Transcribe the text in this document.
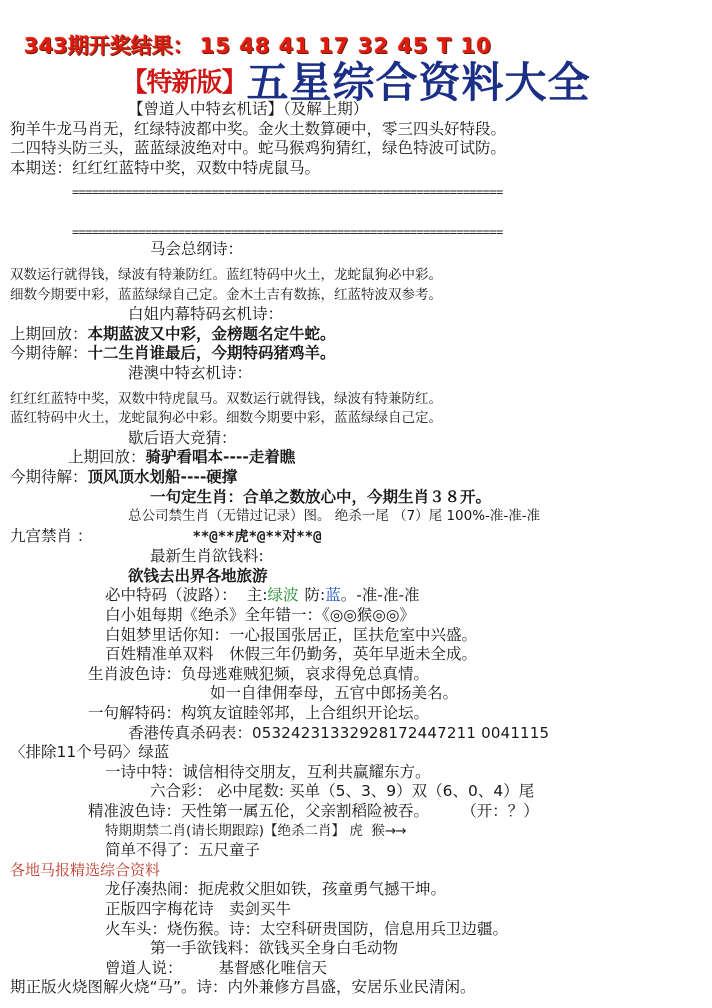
343期开奖结果： 15 48 41 17 32 45 T 10
【特新版】五星综合资料大全
【曾道人中特玄机话】（及解上期）
狗羊牛龙马肖无，红绿特波都中奖。金火土数算硬中，零三四头好特段。
二四特头防三头，蓝蓝绿波绝对中。蛇马猴鸡狗猜红，绿色特波可试防。
本期送：红红红蓝特中奖，双数中特虎鼠马。
=================================================================
=================================================================
马会总纲诗：
双数运行就得钱，绿波有特兼防红。蓝红特码中火土，龙蛇鼠狗必中彩。
细数今期要中彩，蓝蓝绿绿自己定。金木土吉有数拣，红蓝特波双参考。
白姐内幕特码玄机诗：
上期回放：本期蓝波又中彩，金榜题名定牛蛇。
今期待解：十二生肖谁最后，今期特码猪鸡羊。
港澳中特玄机诗：
红红红蓝特中奖，双数中特虎鼠马。双数运行就得钱，绿波有特兼防红。
蓝红特码中火土，龙蛇鼠狗必中彩。细数今期要中彩，蓝蓝绿绿自己定。
歇后语大竞猜：
上期回放：骑驴看唱本----走着瞧
今期待解：顶风顶水划船----硬撑
一句定生肖：合单之数放心中，今期生肖３８开。
总公司禁生肖（无错过记录）图。 绝杀一尾 （7）尾 100%-准-准-准
九宫禁肖 ：	**@**虎*@**对**@
最新生肖欲钱料:
欲钱去出界各地旅游
必中特码（波路）： 主:绿波 防:蓝。-准-准-准
白小姐每期《绝杀》全年错一：《◎◎猴◎◎》
白姐梦里话你知：一心报国张居正，匡扶危室中兴盛。
百姓精准单双料　休假三年仍勤务，英年早逝未全成。
生肖波色诗：负母逃难贼犯频，哀求得免总真情。
如一自律佣奉母，五官中郎扬美名。
一句解特码：构筑友谊睦邻邦，上合组织开论坛。
香港传真杀码表：05324231332928172447211 0041115
〈排除11个号码〉绿蓝
一诗中特：诚信相待交朋友，互利共赢耀东方。
六合彩： 必中尾数: 买单（5、3、9）双（6、0、4）尾
精准波色诗：天性第一属五伦，父亲割稻险被吞。	（开：？）
特期期禁二肖(请长期跟踪)【绝杀二肖】 虎  猴→→
简单不得了：五尺童子
各地马报精选综合资料
龙仔凑热闹：扼虎救父胆如铁，孩童勇气撼干坤。
正版四字梅花诗　卖剑买牛
火车头：烧伤猴。诗：太空科研贵国防，信息用兵卫边疆。
第一手欲钱料：欲钱买全身白毛动物
曾道人说： 基督感化唯信天
期正版火烧图解火烧“马”。诗：内外兼修方昌盛，安居乐业民清闲。
